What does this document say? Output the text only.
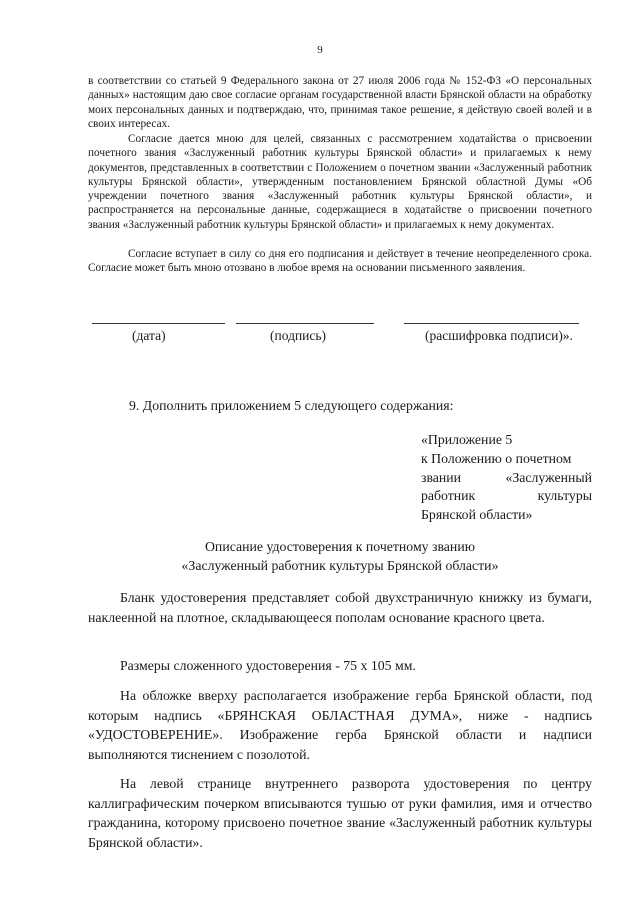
9

в соответствии со статьей 9 Федерального закона от 27 июля 2006 года № 152-ФЗ «О персональных данных» настоящим даю свое согласие органам государственной власти Брянской области на обработку моих персональных данных и подтверждаю, что, принимая такое решение, я действую своей волей и в своих интересах.

Согласие дается мною для целей, связанных с рассмотрением ходатайства о присвоении почетного звания «Заслуженный работник культуры Брянской области» и прилагаемых к нему документов, представленных в соответствии с Положением о почетном звании «Заслуженный работник культуры Брянской области», утвержденным постановлением Брянской областной Думы «Об учреждении почетного звания «Заслуженный работник культуры Брянской области», и распространяется на персональные данные, содержащиеся в ходатайстве о присвоении почетного звания «Заслуженный работник культуры Брянской области» и прилагаемых к нему документах.

Согласие вступает в силу со дня его подписания и действует в течение неопределенного срока. Согласие может быть мною отозвано в любое время на основании письменного заявления.

(дата)	(подпись)	(расшифровка подписи)».
9. Дополнить приложением 5 следующего содержания:
«Приложение 5
к Положению о почетном
звании	«Заслуженный
работник	культуры
Брянской области»
Описание удостоверения к почетному званию
«Заслуженный работник культуры Брянской области»

Бланк удостоверения представляет собой двухстраничную книжку из бумаги, наклеенной на плотное, складывающееся пополам основание красного цвета.

Размеры сложенного удостоверения - 75 х 105 мм.

На обложке вверху располагается изображение герба Брянской области, под которым надпись «БРЯНСКАЯ ОБЛАСТНАЯ ДУМА», ниже - надпись «УДОСТОВЕРЕНИЕ». Изображение герба Брянской области и надписи выполняются тиснением с позолотой.

На левой странице внутреннего разворота удостоверения по центру каллиграфическим почерком вписываются тушью от руки фамилия, имя и отчество гражданина, которому присвоено почетное звание «Заслуженный работник культуры Брянской области».
